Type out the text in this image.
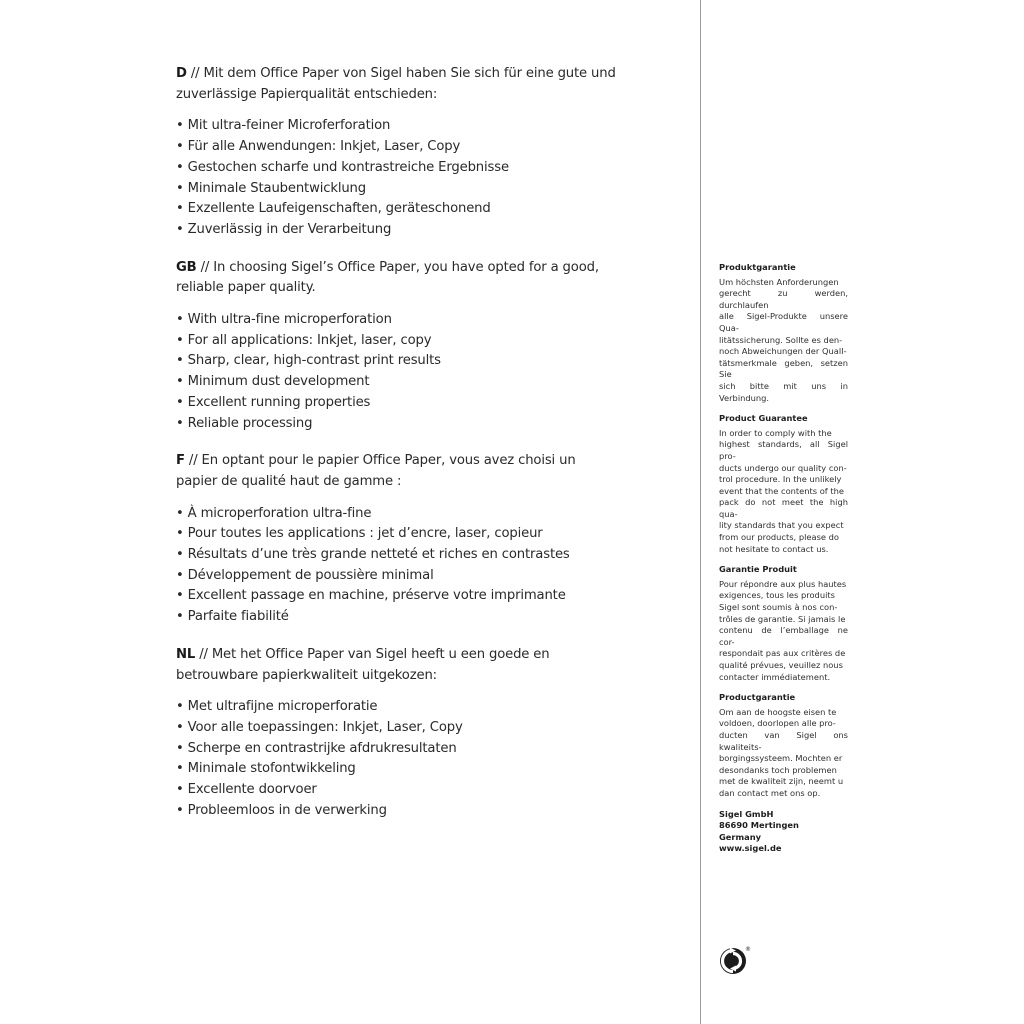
D // Mit dem Office Paper von Sigel haben Sie sich für eine gute und
zuverlässige Papierqualität entschieden:

• Mit ultra-feiner Microferforation
• Für alle Anwendungen: Inkjet, Laser, Copy
• Gestochen scharfe und kontrastreiche Ergebnisse
• Minimale Staubentwicklung
• Exzellente Laufeigenschaften, geräteschonend
• Zuverlässig in der Verarbeitung

GB // In choosing Sigel’s Office Paper, you have opted for a good,
reliable paper quality.

• With ultra-fine microperforation
• For all applications: Inkjet, laser, copy
• Sharp, clear, high-contrast print results
• Minimum dust development
• Excellent running properties
• Reliable processing

F // En optant pour le papier Office Paper, vous avez choisi un
papier de qualité haut de gamme :

• À microperforation ultra-fine
• Pour toutes les applications : jet d’encre, laser, copieur
• Résultats d’une très grande netteté et riches en contrastes
• Développement de poussière minimal
• Excellent passage en machine, préserve votre imprimante
• Parfaite fiabilité

NL // Met het Office Paper van Sigel heeft u een goede en
betrouwbare papierkwaliteit uitgekozen:

• Met ultrafijne microperforatie
• Voor alle toepassingen: Inkjet, Laser, Copy
• Scherpe en contrastrijke afdrukresultaten
• Minimale stofontwikkeling
• Excellente doorvoer
• Probleemloos in de verwerking
Produktgarantie
Um höchsten Anforderungen
gerecht zu werden, durchlaufen
alle Sigel-Produkte unsere Qua-
litätssicherung. Sollte es den-
noch Abweichungen der QualI-
tätsmerkmale geben, setzen Sie
sich bitte mit uns in Verbindung.
Product Guarantee
In order to comply with the
highest standards, all Sigel pro-
ducts undergo our quality con-
trol procedure. In the unlikely
event that the contents of the
pack do not meet the high qua-
lity standards that you expect
from our products, please do
not hesitate to contact us.
Garantie Produit
Pour répondre aux plus hautes
exigences, tous les produits
Sigel sont soumis à nos con-
trôles de garantie. Si jamais le
contenu de l’emballage ne cor-
respondait pas aux critères de
qualité prévues, veuillez nous
contacter immédiatement.
Productgarantie
Om aan de hoogste eisen te
voldoen, doorlopen alle pro-
ducten van Sigel ons kwaliteits-
borgingssysteem. Mochten er
desondanks toch problemen
met de kwaliteit zijn, neemt u
dan contact met ons op.
Sigel GmbH
86690 Mertingen
Germany
www.sigel.de
®
